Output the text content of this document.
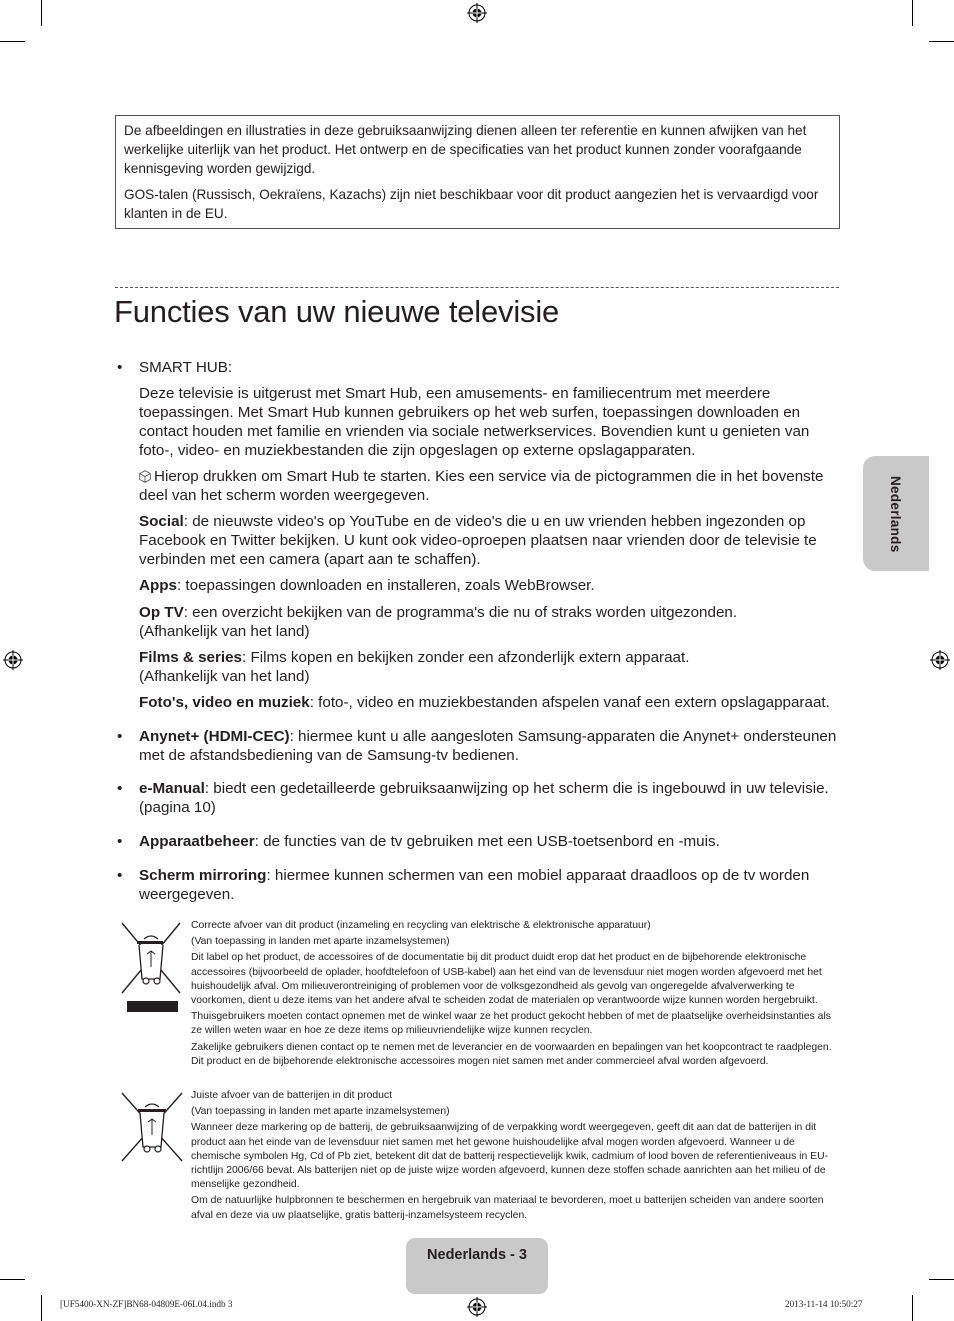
De afbeeldingen en illustraties in deze gebruiksaanwijzing dienen alleen ter referentie en kunnen afwijken van het werkelijke uiterlijk van het product. Het ontwerp en de specificaties van het product kunnen zonder voorafgaande kennisgeving worden gewijzigd.

GOS-talen (Russisch, Oekraïens, Kazachs) zijn niet beschikbaar voor dit product aangezien het is vervaardigd voor klanten in de EU.

Functies van uw nieuwe televisie
Nederlands
• SMART HUB:

Deze televisie is uitgerust met Smart Hub, een amusements- en familiecentrum met meerdere toepassingen. Met Smart Hub kunnen gebruikers op het web surfen, toepassingen downloaden en contact houden met familie en vrienden via sociale netwerkservices. Bovendien kunt u genieten van foto-, video- en muziekbestanden die zijn opgeslagen op externe opslagapparaten.

Hierop drukken om Smart Hub te starten. Kies een service via de pictogrammen die in het bovenste deel van het scherm worden weergegeven.

Social: de nieuwste video's op YouTube en de video's die u en uw vrienden hebben ingezonden op Facebook en Twitter bekijken. U kunt ook video-oproepen plaatsen naar vrienden door de televisie te verbinden met een camera (apart aan te schaffen).

Apps: toepassingen downloaden en installeren, zoals WebBrowser.

Op TV: een overzicht bekijken van de programma's die nu of straks worden uitgezonden.
(Afhankelijk van het land)

Films & series: Films kopen en bekijken zonder een afzonderlijk extern apparaat.
(Afhankelijk van het land)

Foto's, video en muziek: foto-, video en muziekbestanden afspelen vanaf een extern opslagapparaat.

• Anynet+ (HDMI-CEC): hiermee kunt u alle aangesloten Samsung-apparaten die Anynet+ ondersteunen met de afstandsbediening van de Samsung-tv bedienen.

• e-Manual: biedt een gedetailleerde gebruiksaanwijzing op het scherm die is ingebouwd in uw televisie. (pagina 10)

• Apparaatbeheer: de functies van de tv gebruiken met een USB-toetsenbord en -muis.

• Scherm mirroring: hiermee kunnen schermen van een mobiel apparaat draadloos op de tv worden weergegeven.

Correcte afvoer van dit product (inzameling en recycling van elektrische & elektronische apparatuur)

(Van toepassing in landen met aparte inzamelsystemen)

Dit label op het product, de accessoires of de documentatie bij dit product duidt erop dat het product en de bijbehorende elektronische accessoires (bijvoorbeeld de oplader, hoofdtelefoon of USB-kabel) aan het eind van de levensduur niet mogen worden afgevoerd met het huishoudelijk afval. Om milieuverontreiniging of problemen voor de volksgezondheid als gevolg van ongeregelde afvalverwerking te voorkomen, dient u deze items van het andere afval te scheiden zodat de materialen op verantwoorde wijze kunnen worden hergebruikt.

Thuisgebruikers moeten contact opnemen met de winkel waar ze het product gekocht hebben of met de plaatselijke overheidsinstanties als ze willen weten waar en hoe ze deze items op milieuvriendelijke wijze kunnen recyclen.

Zakelijke gebruikers dienen contact op te nemen met de leverancier en de voorwaarden en bepalingen van het koopcontract te raadplegen. Dit product en de bijbehorende elektronische accessoires mogen niet samen met ander commercieel afval worden afgevoerd.

Juiste afvoer van de batterijen in dit product

(Van toepassing in landen met aparte inzamelsystemen)

Wanneer deze markering op de batterij, de gebruiksaanwijzing of de verpakking wordt weergegeven, geeft dit aan dat de batterijen in dit product aan het einde van de levensduur niet samen met het gewone huishoudelijke afval mogen worden afgevoerd. Wanneer u de chemische symbolen Hg, Cd of Pb ziet, betekent dit dat de batterij respectievelijk kwik, cadmium of lood boven de referentieniveaus in EU-richtlijn 2006/66 bevat. Als batterijen niet op de juiste wijze worden afgevoerd, kunnen deze stoffen schade aanrichten aan het milieu of de menselijke gezondheid.

Om de natuurlijke hulpbronnen te beschermen en hergebruik van materiaal te bevorderen, moet u batterijen scheiden van andere soorten afval en deze via uw plaatselijke, gratis batterij-inzamelsysteem recyclen.

Nederlands - 3
[UF5400-XN-ZF]BN68-04809E-06L04.indb 3	2013-11-14 10:50:27
